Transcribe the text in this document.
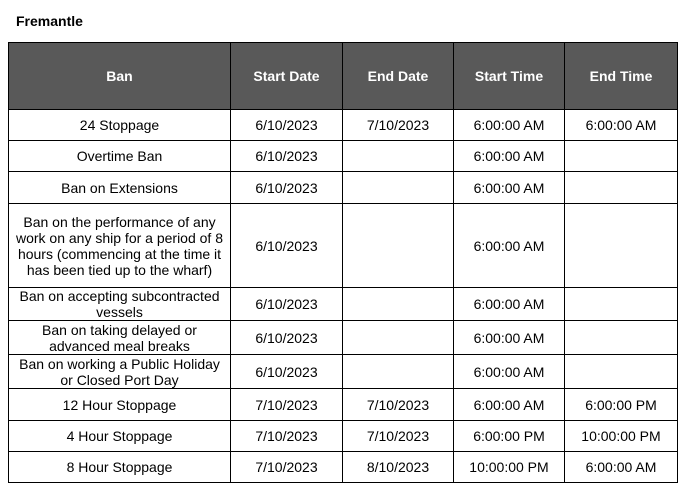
Fremantle
Ban	Start Date	End Date	Start Time	End Time
24 Stoppage	6/10/2023	7/10/2023	6:00:00 AM	6:00:00 AM
Overtime Ban	6/10/2023		6:00:00 AM	
Ban on Extensions	6/10/2023		6:00:00 AM	
Ban on the performance of any work on any ship for a period of 8 hours (commencing at the time it has been tied up to the wharf)	6/10/2023		6:00:00 AM	
Ban on accepting subcontracted vessels	6/10/2023		6:00:00 AM	
Ban on taking delayed or advanced meal breaks	6/10/2023		6:00:00 AM	
Ban on working a Public Holiday or Closed Port Day	6/10/2023		6:00:00 AM	
12 Hour Stoppage	7/10/2023	7/10/2023	6:00:00 AM	6:00:00 PM
4 Hour Stoppage	7/10/2023	7/10/2023	6:00:00 PM	10:00:00 PM
8 Hour Stoppage	7/10/2023	8/10/2023	10:00:00 PM	6:00:00 AM
